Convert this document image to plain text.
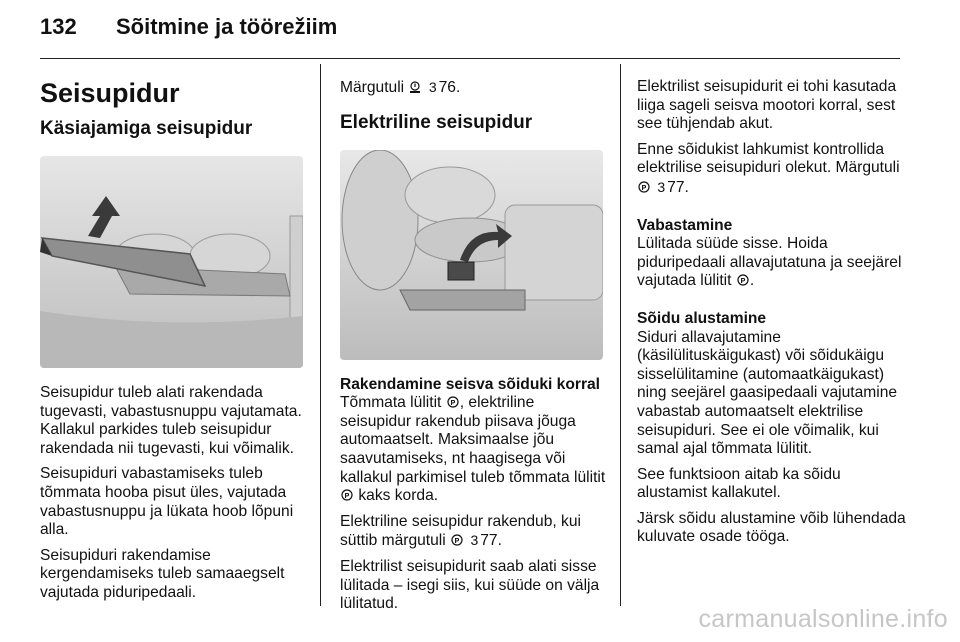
132 Sõitmine ja töörežiim
Seisupidur
Käsiajamiga seisupidur

Seisupidur tuleb alati rakendada tugevasti, vabastusnuppu vajutamata. Kallakul parkides tuleb seisupidur rakendada nii tugevasti, kui võimalik.

Seisupiduri vabastamiseks tuleb tõmmata hooba pisut üles, vajutada vabastusnuppu ja lükata hoob lõpuni alla.

Seisupiduri rakendamise kergendamiseks tuleb samaaegselt vajutada piduripedaali.

Märgutuli 3 76.

Elektriline seisupidur
Rakendamine seisva sõiduki korral

Tõmmata lülitit P , elektriline seisupidur rakendub piisava jõuga automaatselt. Maksimaalse jõu saavutamiseks, nt haagisega või kallakul parkimisel tuleb tõmmata lülitit
P kaks korda.

Elektriline seisupidur rakendub, kui süttib märgutuli P 3 77.

Elektrilist seisupidurit saab alati sisse lülitada – isegi siis, kui süüde on välja lülitatud.

Elektrilist seisupidurit ei tohi kasutada liiga sageli seisva mootori korral, sest see tühjendab akut.

Enne sõidukist lahkumist kontrollida elektrilise seisupiduri olekut. Märgutuli
P 3 77.

Vabastamine

Lülitada süüde sisse. Hoida piduripedaali allavajutatuna ja seejärel vajutada lülitit P .

Sõidu alustamine

Siduri allavajutamine (käsilülituskäigukast) või sõidukäigu sisselülitamine (automaatkäigukast) ning seejärel gaasipedaali vajutamine vabastab automaatselt elektrilise seisupiduri. See ei ole võimalik, kui samal ajal tõmmata lülitit.

See funktsioon aitab ka sõidu alustamist kallakutel.

Järsk sõidu alustamine võib lühendada kuluvate osade tööga.

carmanualsonline.info
